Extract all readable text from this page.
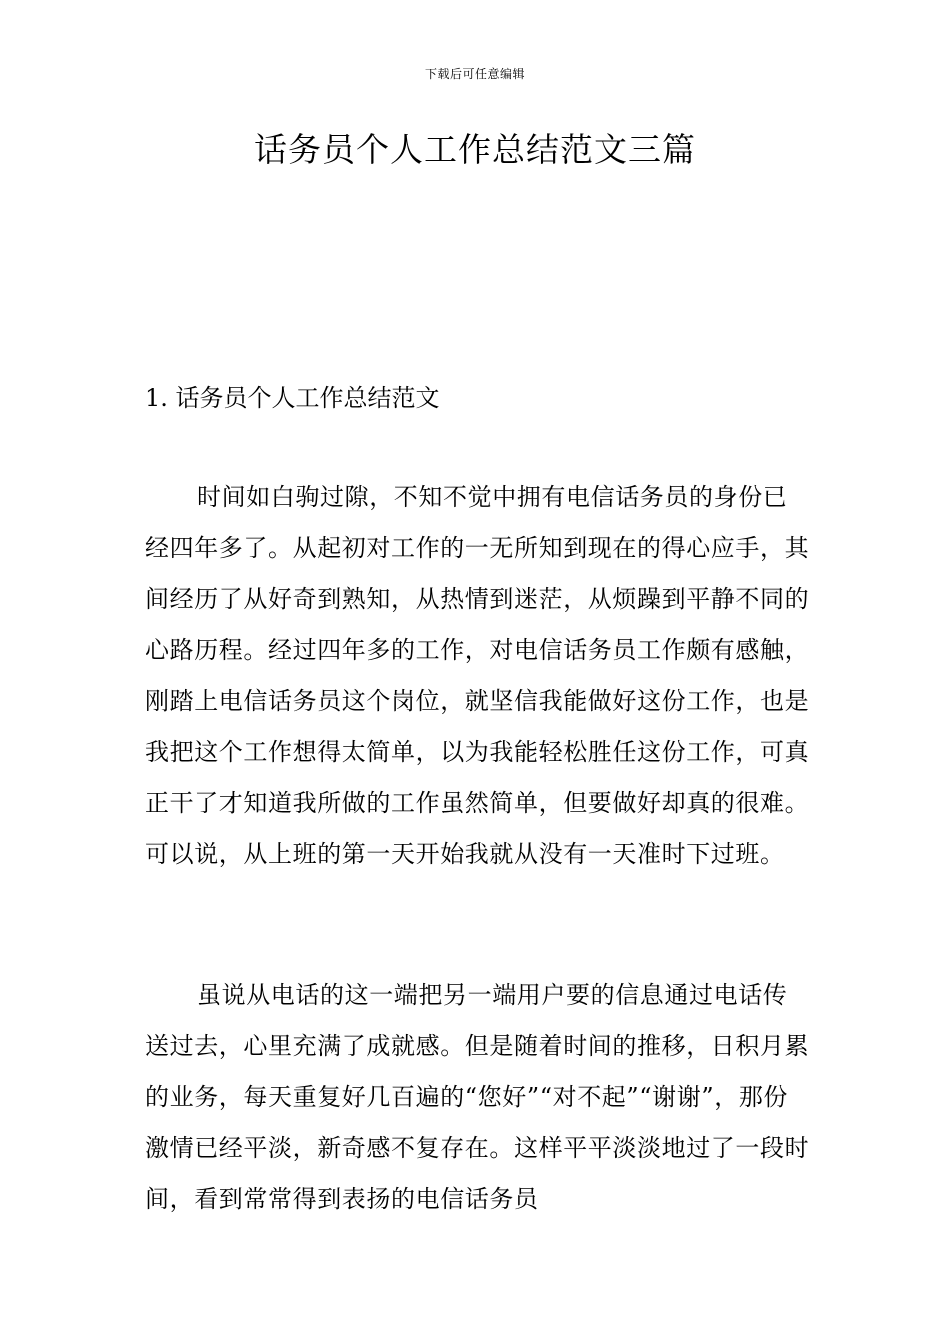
下载后可任意编辑
话务员个人工作总结范文三篇
1. 话务员个人工作总结范文

时间如白驹过隙，不知不觉中拥有电信话务员的身份已经四年多了。从起初对工作的一无所知到现在的得心应手，其间经历了从好奇到熟知，从热情到迷茫，从烦躁到平静不同的心路历程。经过四年多的工作，对电信话务员工作颇有感触，刚踏上电信话务员这个岗位，就坚信我能做好这份工作，也是我把这个工作想得太简单，以为我能轻松胜任这份工作，可真正干了才知道我所做的工作虽然简单，但要做好却真的很难。可以说，从上班的第一天开始我就从没有一天准时下过班。

虽说从电话的这一端把另一端用户要的信息通过电话传送过去，心里充满了成就感。但是随着时间的推移，日积月累的业务，每天重复好几百遍的“您好”“对不起”“谢谢”，那份激情已经平淡，新奇感不复存在。这样平平淡淡地过了一段时间，看到常常得到表扬的电信话务员
